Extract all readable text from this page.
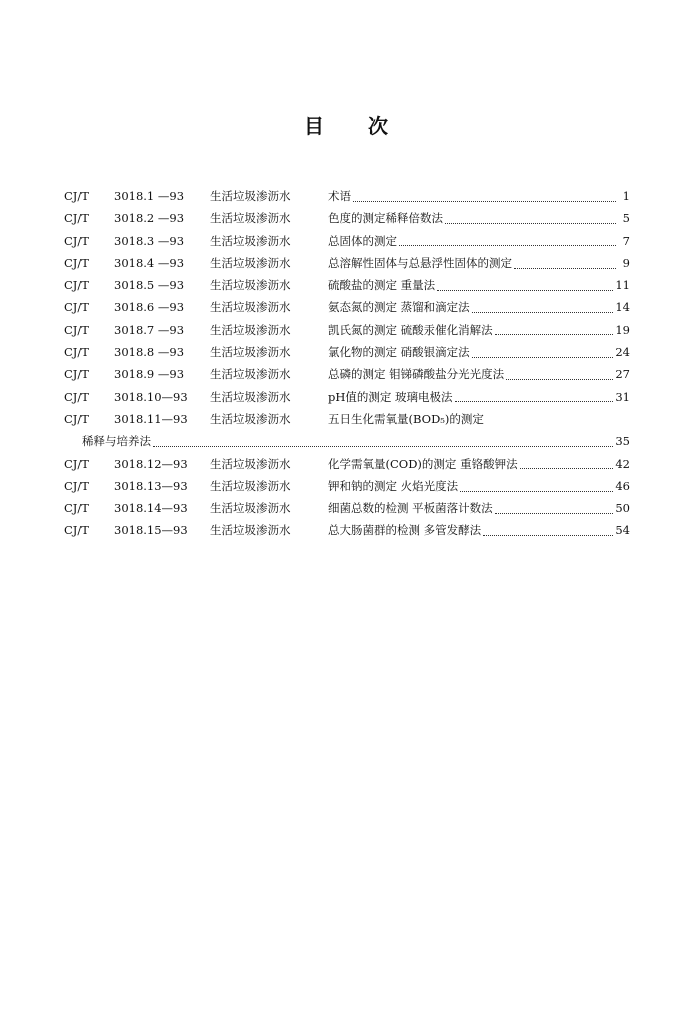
目 次
CJ/T	3018.1 —93	生活垃圾渗沥水	术语	1
CJ/T	3018.2 —93	生活垃圾渗沥水	色度的测定稀释倍数法	5
CJ/T	3018.3 —93	生活垃圾渗沥水	总固体的测定	7
CJ/T	3018.4 —93	生活垃圾渗沥水	总溶解性固体与总悬浮性固体的测定	9
CJ/T	3018.5 —93	生活垃圾渗沥水	硫酸盐的测定 重量法	11
CJ/T	3018.6 —93	生活垃圾渗沥水	氨态氮的测定 蒸馏和滴定法	14
CJ/T	3018.7 —93	生活垃圾渗沥水	凯氏氮的测定 硫酸汞催化消解法	19
CJ/T	3018.8 —93	生活垃圾渗沥水	氯化物的测定 硝酸银滴定法	24
CJ/T	3018.9 —93	生活垃圾渗沥水	总磷的测定 钼锑磷酸盐分光光度法	27
CJ/T	3018.10—93	生活垃圾渗沥水	pH值的测定 玻璃电极法	31
CJ/T	3018.11—93	生活垃圾渗沥水	五日生化需氧量(BOD₅)的测定
稀释与培养法	35
CJ/T	3018.12—93	生活垃圾渗沥水	化学需氧量(COD)的测定 重铬酸钾法	42
CJ/T	3018.13—93	生活垃圾渗沥水	钾和钠的测定 火焰光度法	46
CJ/T	3018.14—93	生活垃圾渗沥水	细菌总数的检测 平板菌落计数法	50
CJ/T	3018.15—93	生活垃圾渗沥水	总大肠菌群的检测 多管发酵法	54
